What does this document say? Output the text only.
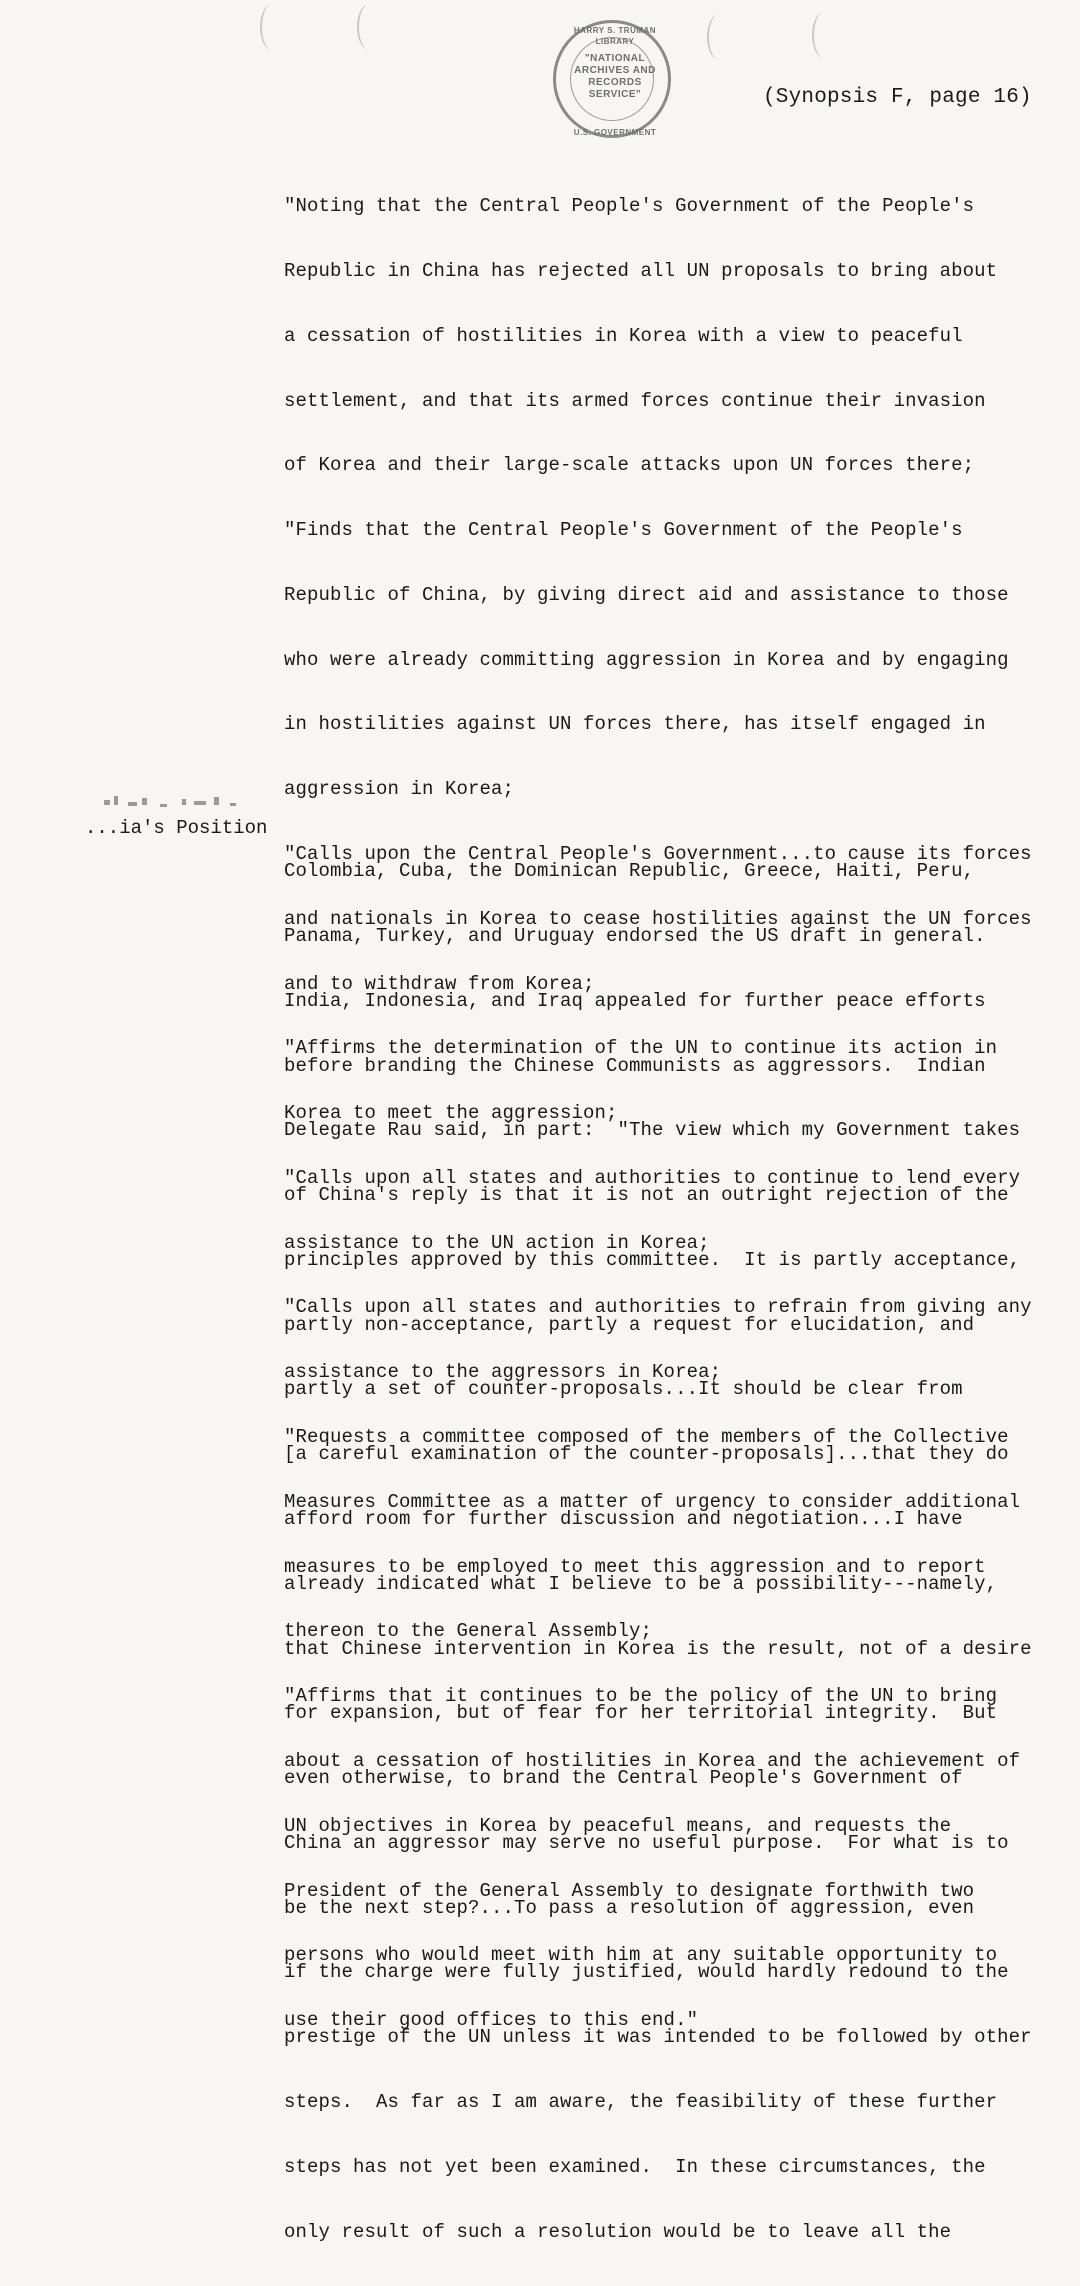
HARRY S. TRUMAN LIBRARY
"NATIONAL
ARCHIVES AND
RECORDS
SERVICE"
U.S. GOVERNMENT
(Synopsis F, page 16)

"Noting that the Central People's Government of the People's

Republic in China has rejected all UN proposals to bring about

a cessation of hostilities in Korea with a view to peaceful

settlement, and that its armed forces continue their invasion

of Korea and their large-scale attacks upon UN forces there;

"Finds that the Central People's Government of the People's

Republic of China, by giving direct aid and assistance to those

who were already committing aggression in Korea and by engaging

in hostilities against UN forces there, has itself engaged in

aggression in Korea;

"Calls upon the Central People's Government...to cause its forces

and nationals in Korea to cease hostilities against the UN forces

and to withdraw from Korea;

"Affirms the determination of the UN to continue its action in

Korea to meet the aggression;

"Calls upon all states and authorities to continue to lend every

assistance to the UN action in Korea;

"Calls upon all states and authorities to refrain from giving any

assistance to the aggressors in Korea;

"Requests a committee composed of the members of the Collective

Measures Committee as a matter of urgency to consider additional

measures to be employed to meet this aggression and to report

thereon to the General Assembly;

"Affirms that it continues to be the policy of the UN to bring

about a cessation of hostilities in Korea and the achievement of

UN objectives in Korea by peaceful means, and requests the

President of the General Assembly to designate forthwith two

persons who would meet with him at any suitable opportunity to

use their good offices to this end."

...ia's Position

Colombia, Cuba, the Dominican Republic, Greece, Haiti, Peru,

Panama, Turkey, and Uruguay endorsed the US draft in general.

India, Indonesia, and Iraq appealed for further peace efforts

before branding the Chinese Communists as aggressors.  Indian

Delegate Rau said, in part:  "The view which my Government takes

of China's reply is that it is not an outright rejection of the

principles approved by this committee.  It is partly acceptance,

partly non-acceptance, partly a request for elucidation, and

partly a set of counter-proposals...It should be clear from

[a careful examination of the counter-proposals]...that they do

afford room for further discussion and negotiation...I have

already indicated what I believe to be a possibility---namely,

that Chinese intervention in Korea is the result, not of a desire

for expansion, but of fear for her territorial integrity.  But

even otherwise, to brand the Central People's Government of

China an aggressor may serve no useful purpose.  For what is to

be the next step?...To pass a resolution of aggression, even

if the charge were fully justified, would hardly redound to the

prestige of the UN unless it was intended to be followed by other

steps.  As far as I am aware, the feasibility of these further

steps has not yet been examined.  In these circumstances, the

only result of such a resolution would be to leave all the
